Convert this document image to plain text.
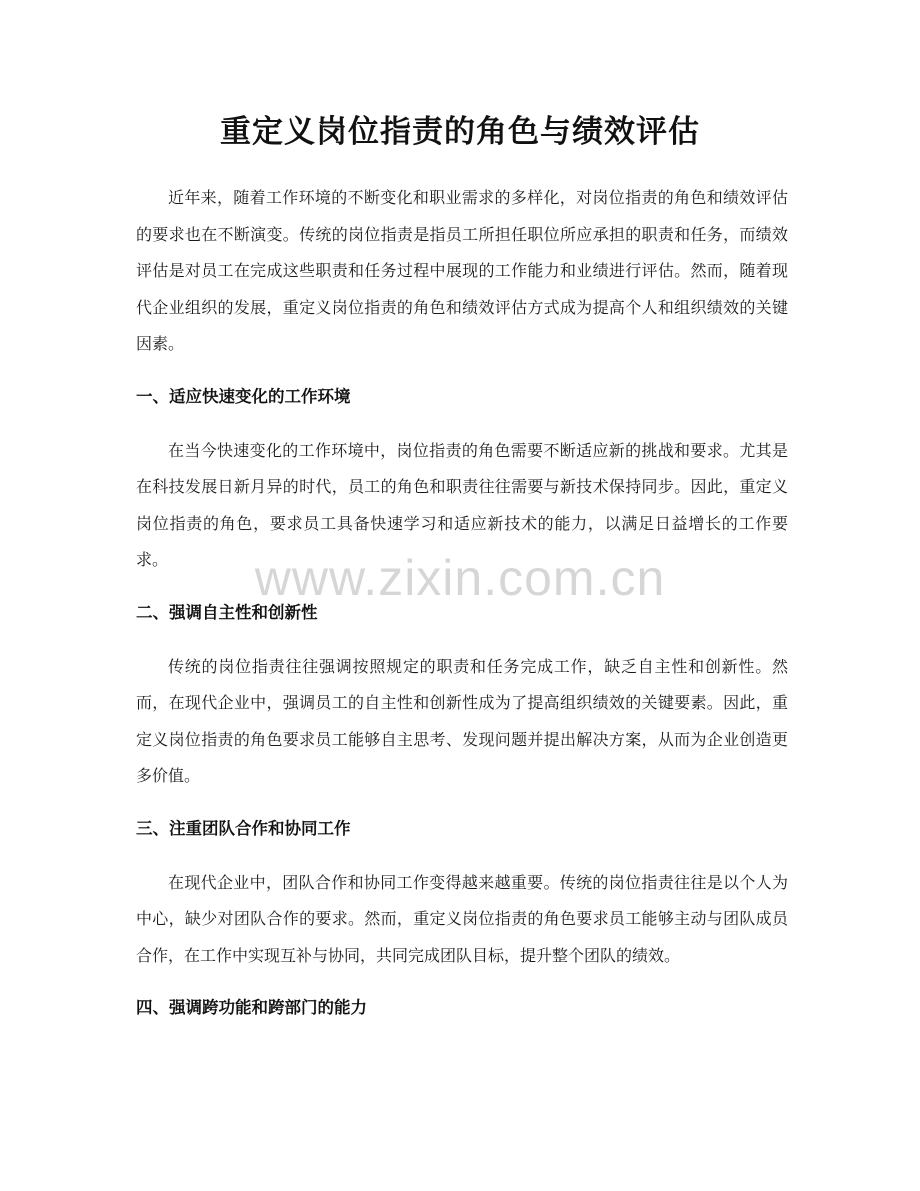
重定义岗位指责的角色与绩效评估

近年来，随着工作环境的不断变化和职业需求的多样化，对岗位指责的角色和绩效评估的要求也在不断演变。传统的岗位指责是指员工所担任职位所应承担的职责和任务，而绩效评估是对员工在完成这些职责和任务过程中展现的工作能力和业绩进行评估。然而，随着现代企业组织的发展，重定义岗位指责的角色和绩效评估方式成为提高个人和组织绩效的关键因素。

一、适应快速变化的工作环境

在当今快速变化的工作环境中，岗位指责的角色需要不断适应新的挑战和要求。尤其是在科技发展日新月异的时代，员工的角色和职责往往需要与新技术保持同步。因此，重定义岗位指责的角色，要求员工具备快速学习和适应新技术的能力，以满足日益增长的工作要求。

二、强调自主性和创新性

传统的岗位指责往往强调按照规定的职责和任务完成工作，缺乏自主性和创新性。然而，在现代企业中，强调员工的自主性和创新性成为了提高组织绩效的关键要素。因此，重定义岗位指责的角色要求员工能够自主思考、发现问题并提出解决方案，从而为企业创造更多价值。

三、注重团队合作和协同工作

在现代企业中，团队合作和协同工作变得越来越重要。传统的岗位指责往往是以个人为中心，缺少对团队合作的要求。然而，重定义岗位指责的角色要求员工能够主动与团队成员合作，在工作中实现互补与协同，共同完成团队目标，提升整个团队的绩效。

四、强调跨功能和跨部门的能力
www.zixin.com.cn
